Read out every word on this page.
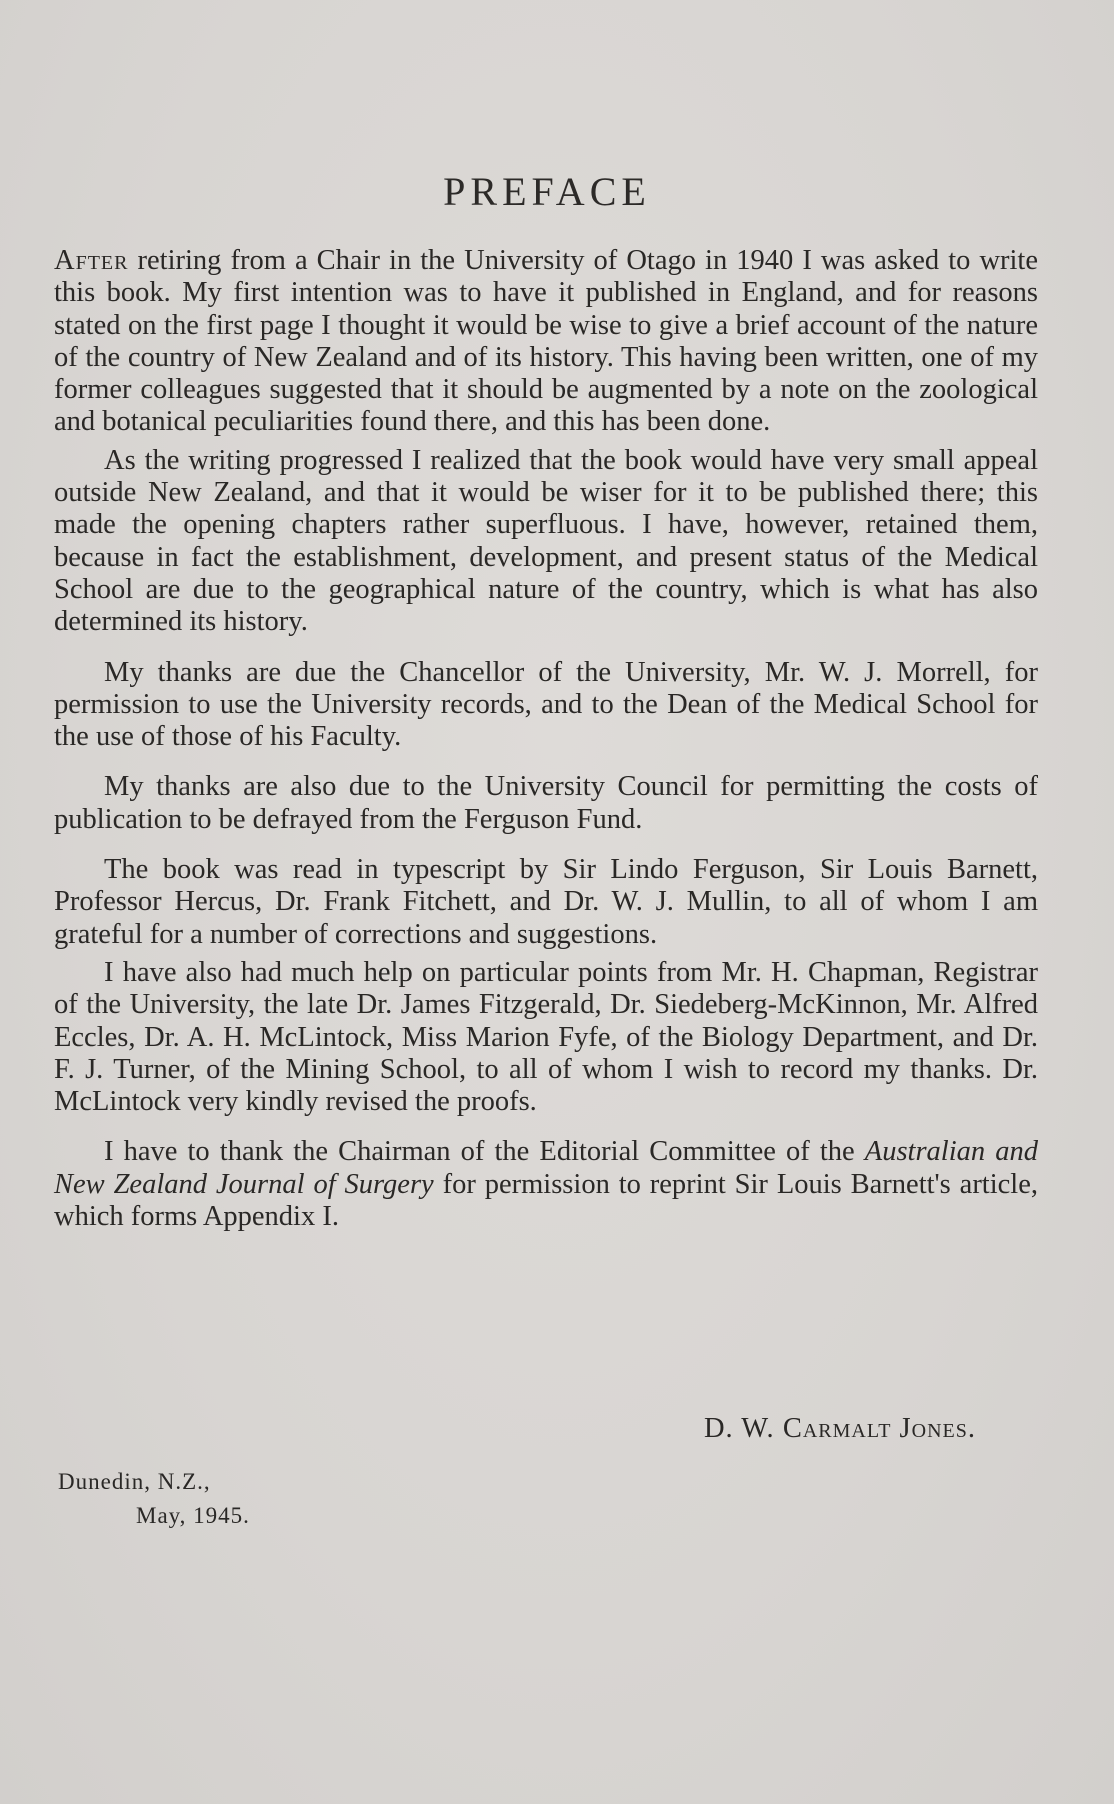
PREFACE

After retiring from a Chair in the University of Otago in 1940 I was asked to write this book. My first intention was to have it published in England, and for reasons stated on the first page I thought it would be wise to give a brief account of the nature of the country of New Zealand and of its history. This having been written, one of my former colleagues suggested that it should be augmented by a note on the zoological and botanical peculiarities found there, and this has been done.

As the writing progressed I realized that the book would have very small appeal outside New Zealand, and that it would be wiser for it to be published there; this made the opening chapters rather superfluous. I have, however, retained them, because in fact the establishment, development, and present status of the Medical School are due to the geographical nature of the country, which is what has also determined its history.

My thanks are due the Chancellor of the University, Mr. W. J. Morrell, for permission to use the University records, and to the Dean of the Medical School for the use of those of his Faculty.

My thanks are also due to the University Council for permitting the costs of publication to be defrayed from the Ferguson Fund.

The book was read in typescript by Sir Lindo Ferguson, Sir Louis Barnett, Professor Hercus, Dr. Frank Fitchett, and Dr. W. J. Mullin, to all of whom I am grateful for a number of corrections and suggestions.

I have also had much help on particular points from Mr. H. Chapman, Registrar of the University, the late Dr. James Fitzgerald, Dr. Siedeberg-McKinnon, Mr. Alfred Eccles, Dr. A. H. McLintock, Miss Marion Fyfe, of the Biology Department, and Dr. F. J. Turner, of the Mining School, to all of whom I wish to record my thanks. Dr. McLintock very kindly revised the proofs.

I have to thank the Chairman of the Editorial Committee of the Australian and New Zealand Journal of Surgery for permission to reprint Sir Louis Barnett's article, which forms Appendix I.

D. W. Carmalt Jones.
Dunedin, N.Z.,
May, 1945.
